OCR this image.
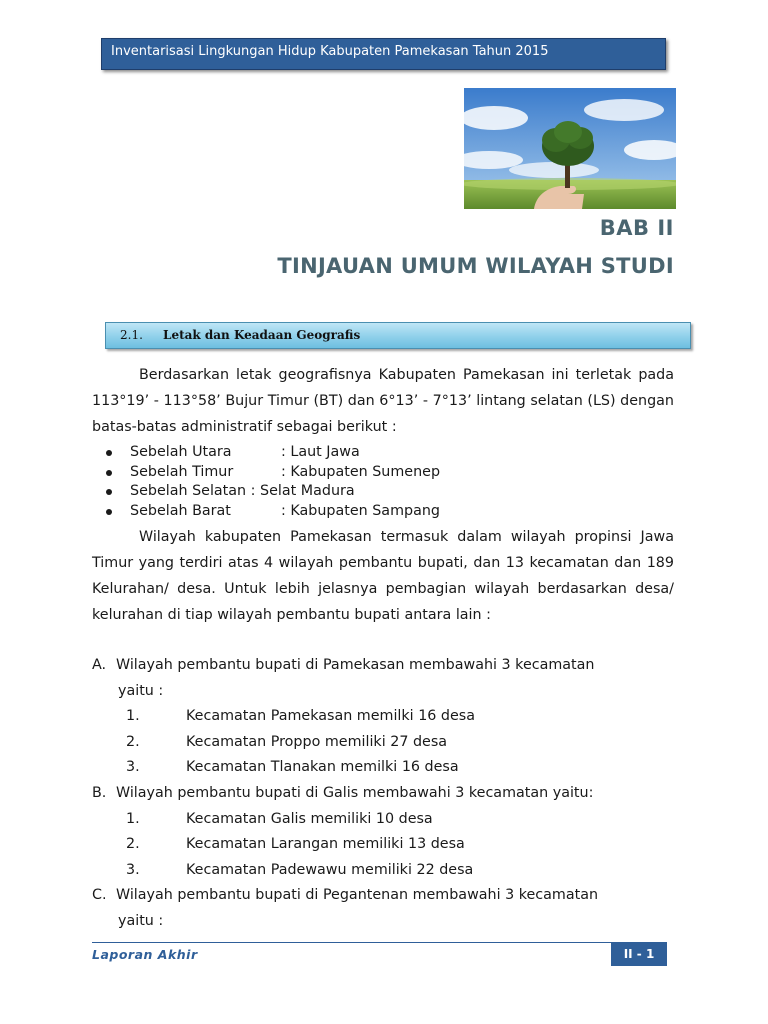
Inventarisasi Lingkungan Hidup Kabupaten Pamekasan Tahun 2015
BAB II
TINJAUAN UMUM WILAYAH STUDI
2.1. Letak dan Keadaan Geografis

Berdasarkan letak geografisnya Kabupaten Pamekasan ini terletak pada 113°19’ - 113°58’ Bujur Timur (BT) dan 6°13’ - 7°13’ lintang selatan (LS) dengan batas-batas administratif sebagai berikut :

Sebelah Utara	: Laut Jawa
Sebelah Timur	: Kabupaten Sumenep
Sebelah Selatan : Selat Madura
Sebelah Barat	: Kabupaten Sampang

Wilayah kabupaten Pamekasan termasuk dalam wilayah propinsi Jawa Timur yang terdiri atas 4 wilayah pembantu bupati, dan 13 kecamatan dan 189 Kelurahan/ desa. Untuk lebih jelasnya pembagian wilayah berdasarkan desa/ kelurahan di tiap wilayah pembantu bupati antara lain :

A. Wilayah pembantu bupati di Pamekasan membawahi 3 kecamatan
yaitu :
1.	Kecamatan Pamekasan memilki 16 desa
2.	Kecamatan Proppo memiliki 27 desa
3.	Kecamatan Tlanakan memilki 16 desa
B. Wilayah pembantu bupati di Galis membawahi 3 kecamatan yaitu:
1.	Kecamatan Galis memiliki 10 desa
2.	Kecamatan Larangan memiliki 13 desa
3.	Kecamatan Padewawu memiliki 22 desa
C. Wilayah pembantu bupati di Pegantenan membawahi 3 kecamatan
yaitu :
Laporan Akhir	II - 1
